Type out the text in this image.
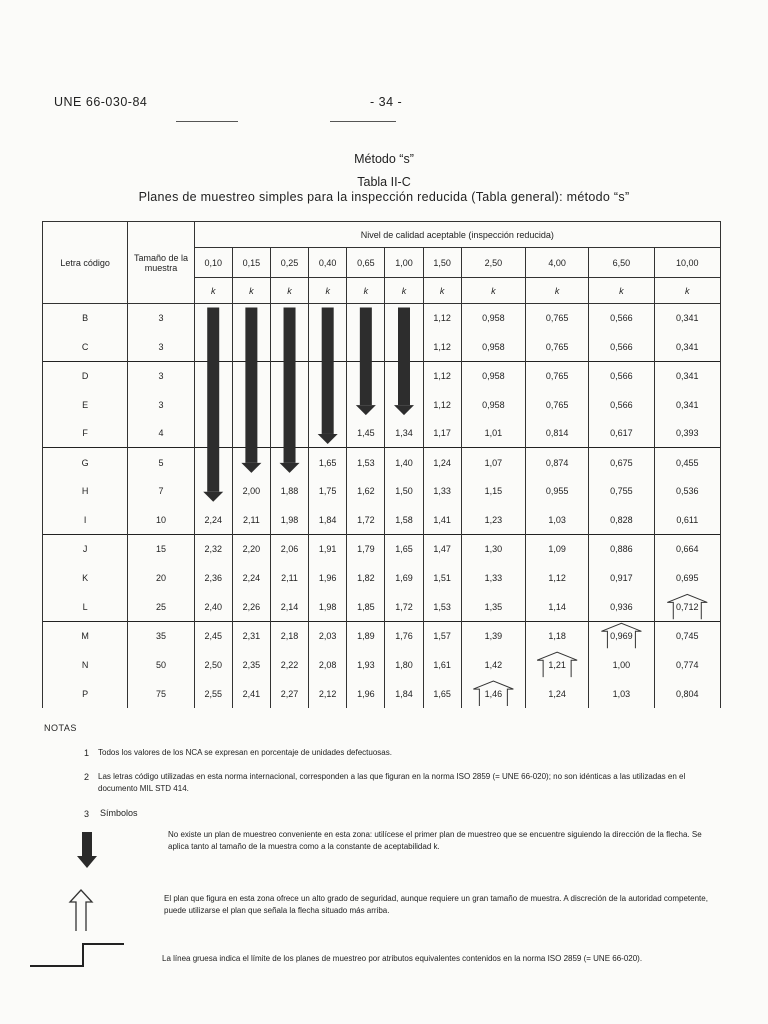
UNE 66-030-84	- 34 -
Método “s”
Tabla II-C
Planes de muestreo simples para la inspección reducida (Tabla general): método “s”
Letra código	Tamaño de la muestra	Nivel de calidad aceptable (inspección reducida)										
		0,10	0,15	0,25	0,40	0,65	1,00	1,50	2,50	4,00	6,50	10,00
		k	k	k	k	k	k	k	k	k	k	k
B	3							1,12	0,958	0,765	0,566	0,341
C	3							1,12	0,958	0,765	0,566	0,341
D	3							1,12	0,958	0,765	0,566	0,341
E	3							1,12	0,958	0,765	0,566	0,341
F	4					1,45	1,34	1,17	1,01	0,814	0,617	0,393
G	5				1,65	1,53	1,40	1,24	1,07	0,874	0,675	0,455
H	7		2,00	1,88	1,75	1,62	1,50	1,33	1,15	0,955	0,755	0,536
I	10	2,24	2,11	1,98	1,84	1,72	1,58	1,41	1,23	1,03	0,828	0,611
J	15	2,32	2,20	2,06	1,91	1,79	1,65	1,47	1,30	1,09	0,886	0,664
K	20	2,36	2,24	2,11	1,96	1,82	1,69	1,51	1,33	1,12	0,917	0,695
L	25	2,40	2,26	2,14	1,98	1,85	1,72	1,53	1,35	1,14	0,936	0,712
M	35	2,45	2,31	2,18	2,03	1,89	1,76	1,57	1,39	1,18	0,969	0,745
N	50	2,50	2,35	2,22	2,08	1,93	1,80	1,61	1,42	1,21	1,00	0,774
P	75	2,55	2,41	2,27	2,12	1,96	1,84	1,65	1,46	1,24	1,03	0,804
NOTAS
1 Todos los valores de los NCA se expresan en porcentaje de unidades defectuosas.
2 Las letras código utilizadas en esta norma internacional, corresponden a las que figuran en la norma ISO 2859 (= UNE 66-020); no son idénticas a las utilizadas en el documento MIL STD 414.
3 Símbolos
No existe un plan de muestreo conveniente en esta zona: utilícese el primer plan de muestreo que se encuentre siguiendo la dirección de la flecha. Se aplica tanto al tamaño de la muestra como a la constante de aceptabilidad k.
El plan que figura en esta zona ofrece un alto grado de seguridad, aunque requiere un gran tamaño de muestra. A discreción de la autoridad competente, puede utilizarse el plan que señala la flecha situado más arriba.
La línea gruesa indica el límite de los planes de muestreo por atributos equivalentes contenidos en la norma ISO 2859 (= UNE 66-020).
